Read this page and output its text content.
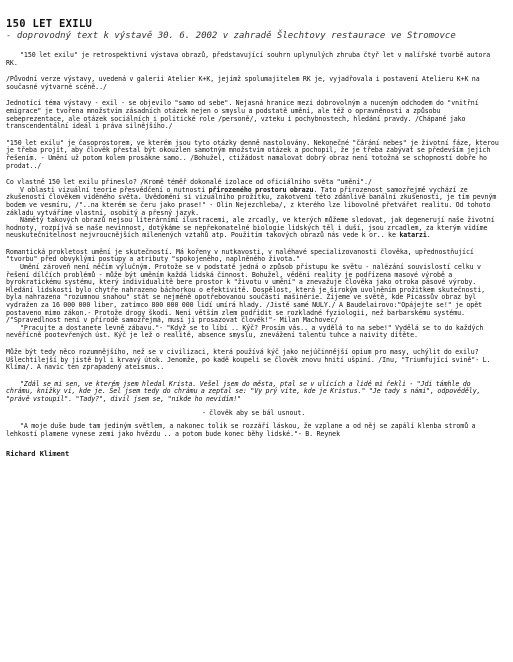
150 LET EXILU
- doprovodný text k výstavě 30. 6. 2002 v zahradě Šlechtovy restaurace ve Stromovce

"150 let exilu" je retrospektivní výstava obrazů, představující souhrn uplynulých zhruba čtyř let v malířské tvorbě autora RK.

/Původní verze výstavy, uvedená v galerii Atelier K+K, jejímž spolumajitelem RK je, vyjadřovala i postavení Atelieru K+K na současné výtvarné scéně../

Jednotící téma výstavy - exil - se objevilo "samo od sebe". Nejasná hranice mezi dobrovolným a nuceným odchodem do "vnitřní emigrace" je tvořena množstvím zásadních otázek nejen o smyslu a podstatě umění, ale též o opravněnosti a způsobu sebeprezentace, ale otázek sociálních i politické role /personě/, vzteku i pochybnostech, hledání pravdy. /Chápané jako transcendentální ideál i práva silnějšího./

"150 let exilu" je časoprostorem, ve kterém jsou tyto otázky denně nastolovány. Nekonečné "čárání nebes" je životní fáze, kterou je třeba projít, aby člověk přestal být okouzlen samotným množstvím otázek a pochopil, že je třeba zabývat se především jejich řešením. - Umění už potom kolem prosákne samo.. /Bohužel, ctižádost namalovat dobrý obraz není totožná se schopností dobře ho prodat../

Co vlastně 150 let exilu přineslo? /Kromě téměř dokonalé izolace od oficiálního světa "umění"./

V oblasti vizuální teorie přesvědčení o nutnosti přirozeného prostoru obrazu. Tato přirozenost samozřejmě vychází ze zkušeností člověkem viděného světa. Uvědomění si vizuálního prožitku, zakotvení této zdánlivě banální zkušenosti, je tím pevným bodem ve vesmíru, /"..na kterém se čeru jako prase!" - Olin Nejezchleba/, z kterého lze libovolně přetvářet realitu. Od tohoto základu vytváříme vlastní, osobitý a přesný jazyk.

Námětý takových obrazů nejsou literárními ilustracemi, ale zrcadly, ve kterých můžeme sledovat, jak degenerují naše životní hodnoty, rozpíjvá se naše nevinnost, dotýkáme se nepřekonatelné biologie lidských těl i duší, jsou zrcadlem, za kterým vidíme neuskutečnitelnost nejvroucnějších milenených vztahů atp. Použitím takových obrazů nás vede k or.. ke katarzi.

Romantická prokletost umění je skutečností. Má kořeny v nutkavosti, v naléhavé specializovanosti člověka, upřednostňující "tvorbu" před obvyklými postupy a atributy "spokojeného, naplněného života."

Umění zároveň není něčím výlučným. Protože se v podstatě jedná o způsob přístupu ke světu - nalézání souvislostí celku v řešení dílčích problémů - může být uměním každá lidská činnost. Bohužel, vědění reality je podřízena masové výrobě a byrokratickému systému, který individualitě bere prostor k "životu v umění" a znevažuje člověka jako otroka pásové výroby. Hledání lidskosti bylo chytře nahrazeno báchorkou o efektivitě. Dospělost, která je širokým uvolněním prožitkem skutečnosti, byla nahrazena "rozumnou snahou" stát se nejméně opotřebovanou součástí mašinérie. Žijeme ve světě, kde Picassův obraz byl vydražen za 16 000 000 liber, zatímco 800 000 000 lidí umírá hlady. /Jistě samé NULY./ A Baudelairovo:"Opájejte se!" je opět postaveno mimo zákon.- Protože drogy škodí. Není větším zlem podřídit se rozkladné fyziologii, než barbarskému systému. /"Spravedlnost není v přírodě samozřejmá, musí ji prosazovat člověk!"- Milan Machovec/

"Pracujte a dostanete levně zábavu."- "Když se to líbí .. Kýč? Prosím vás.. a vydělá to na sebe!" Vydělá se to do každých nevěřícně pootevřených úst. Kýč je lež o realitě, absence smyslu, znevážení talentu tuhce a naivity dítěte.

Může být tedy něco rozumnějšího, než se v civilizaci, která používá kýč jako nejúčinnější opium pro masy, uchýlit do exilu? Ušlechtilejší by jistě byl i krvavý útok. Jenomže, po kadě koupeli se člověk znovu hnití ušpiní. /Inu, "Triumfující svině"- L. Klíma/. A navíc ten zprapadený ateismus..

"Zdál se mi sen, ve kterém jsem hledal Krista. Vešel jsem do města, ptal se v ulicích a lidé mi řekli - "Jdi támhle do chrámu, knížky ví, kde je. Šel jsem tedy do chrámu a zeptal se: "Vy prý víte, kde je Kristus." "Je tady s námi", odpověděly, "právě vstoupil". "Tady?", divil jsem se, "nikde ho nevidím!"

- člověk aby se bál usnout.

"A moje duše bude tam jediným světlem, a nakonec tolik se rozzáří láskou, že vzplane a od něj se zapálí klenba stromů a lehkostí plamene vynese zemi jako hvězdu .. a potom bude konec běhy lidské."- B. Reynek

Richard Kliment
